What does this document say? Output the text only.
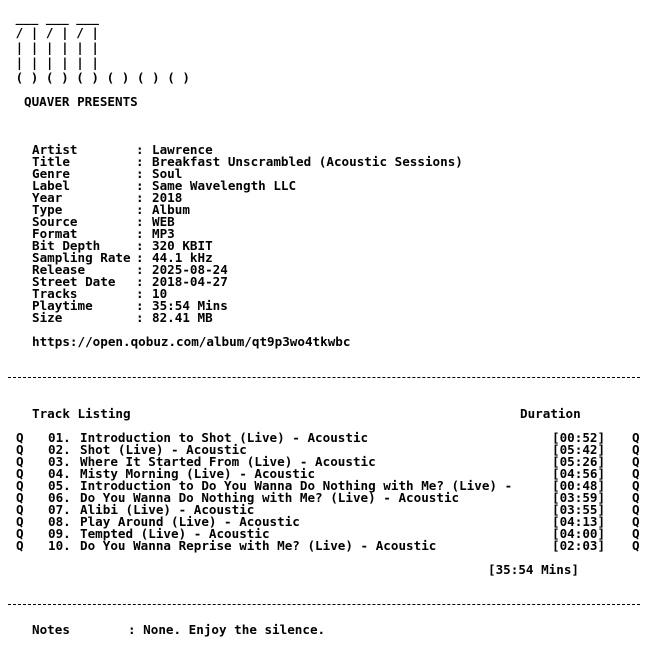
___ ___ ___
/ | / | / |
| | | | | |
| | | | | |
( ) ( ) ( ) ( ) ( ) ( )
QUAVER PRESENTS
Artist	: Lawrence
Title	: Breakfast Unscrambled (Acoustic Sessions)
Genre	: Soul
Label	: Same Wavelength LLC
Year	: 2018
Type	: Album
Source	: WEB
Format	: MP3
Bit Depth	: 320 KBIT
Sampling Rate : 44.1 kHz
Release	: 2025-08-24
Street Date : 2018-04-27
Tracks	: 10
Playtime	: 35:54 Mins
Size	: 82.41 MB
https://open.qobuz.com/album/qt9p3wo4tkwbc
Track Listing	Duration
Q 01. Introduction to Shot (Live) - Acoustic	[00:52] Q
Q 02. Shot (Live) - Acoustic	[05:42] Q
Q 03. Where It Started From (Live) - Acoustic	[05:26] Q
Q 04. Misty Morning (Live) - Acoustic	[04:56] Q
Q 05. Introduction to Do You Wanna Do Nothing with Me? (Live) -	[00:48] Q
Q 06. Do You Wanna Do Nothing with Me? (Live) - Acoustic	[03:59] Q
Q 07. Alibi (Live) - Acoustic	[03:55] Q
Q 08. Play Around (Live) - Acoustic	[04:13] Q
Q 09. Tempted (Live) - Acoustic	[04:00] Q
Q 10. Do You Wanna Reprise with Me? (Live) - Acoustic	[02:03] Q
[35:54 Mins]
Notes	: None. Enjoy the silence.
